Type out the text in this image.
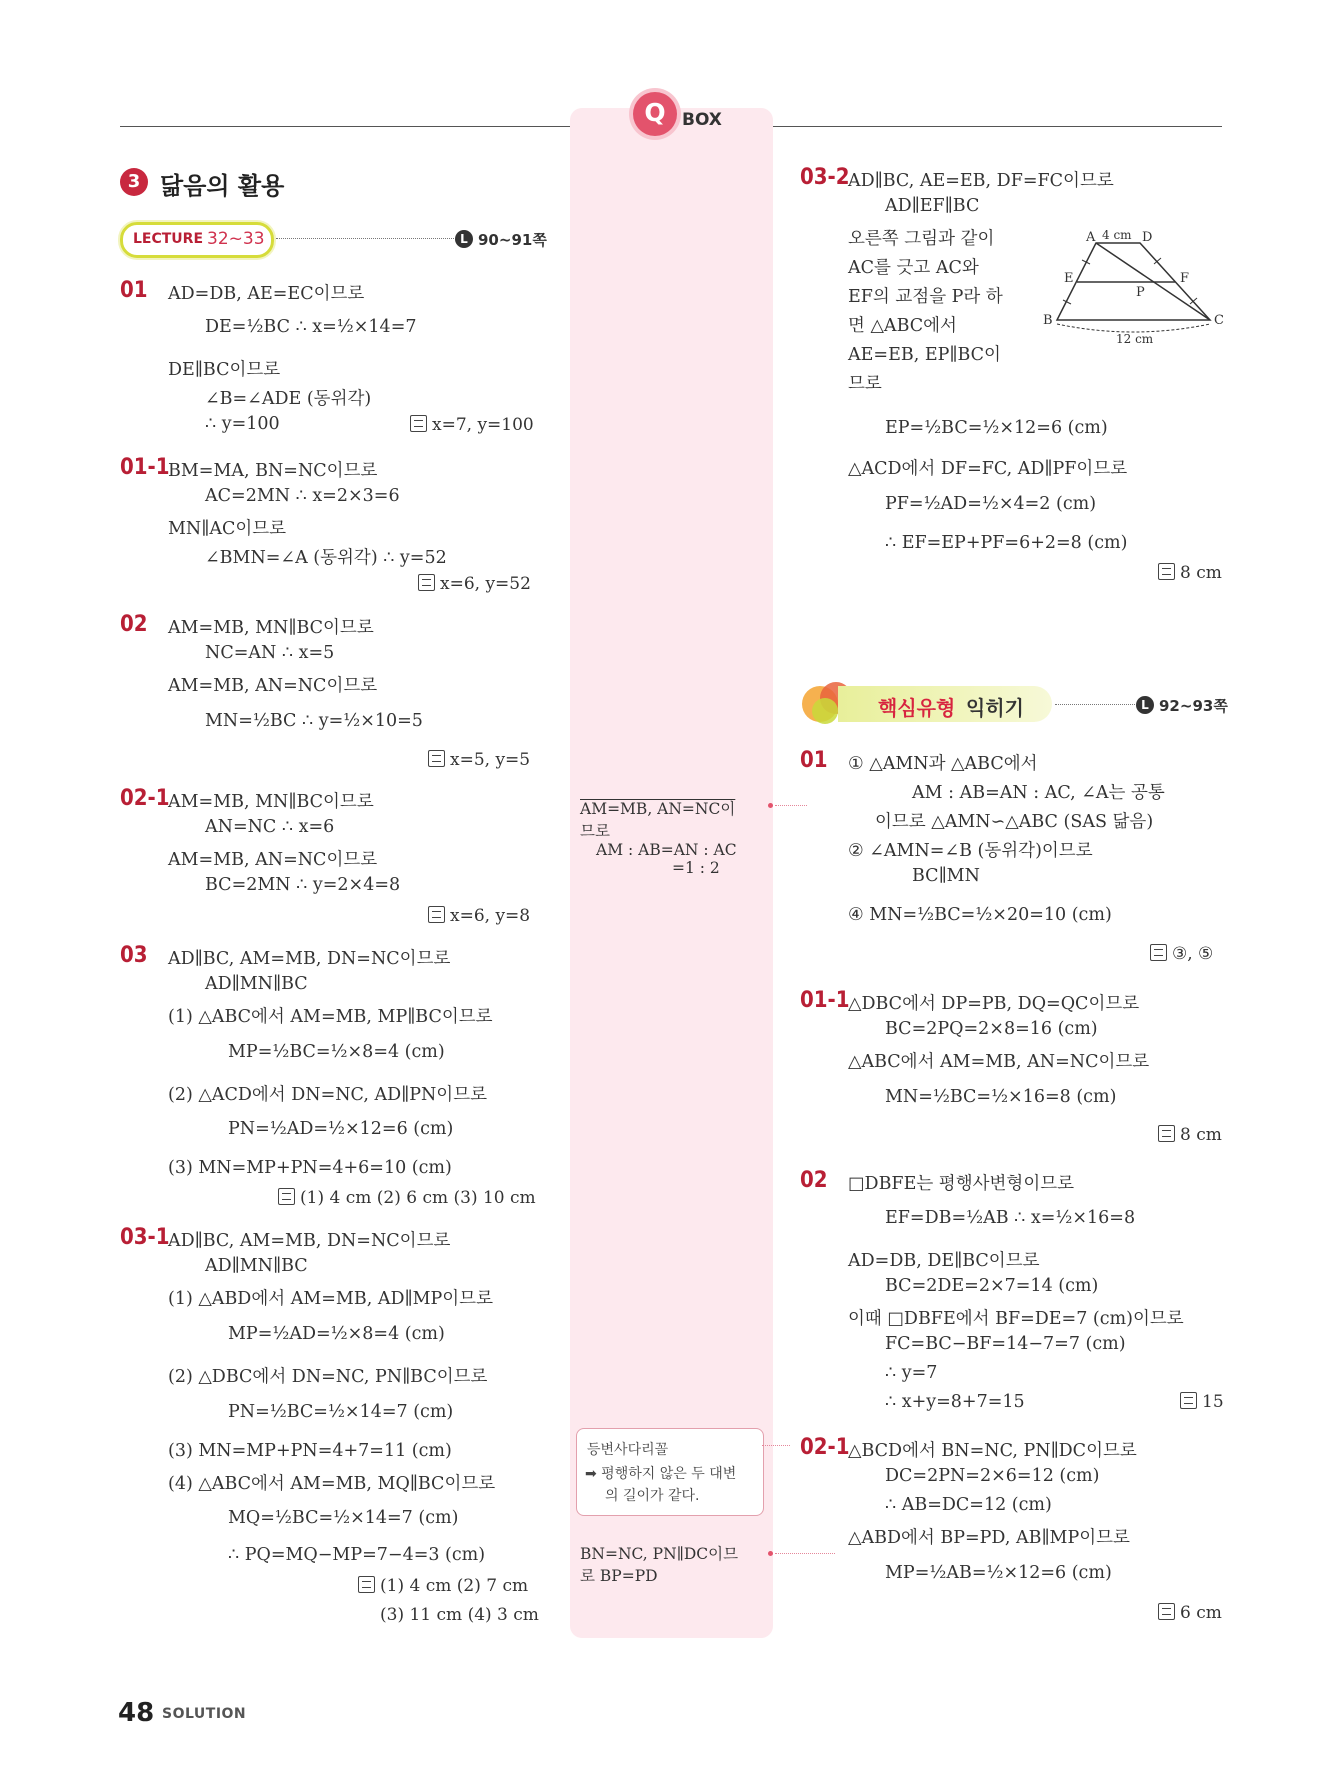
Q BOX
3 닮음의 활용
LECTURE 32~33	L 90~91쪽
01 AD=DB, AE=EC이므로
DE=½BC ∴ x=½×14=7
DE∥BC이므로
∠B=∠ADE (동위각)
∴ y=100	x=7, y=100
01-1
BM=MA, BN=NC이므로
AC=2MN ∴ x=2×3=6
MN∥AC이므로
∠BMN=∠A (동위각) ∴ y=52
x=6, y=52
02 AM=MB, MN∥BC이므로
NC=AN ∴ x=5
AM=MB, AN=NC이므로
MN=½BC ∴ y=½×10=5
x=5, y=5
02-1
AM=MB, MN∥BC이므로
AN=NC ∴ x=6
AM=MB, AN=NC이므로
BC=2MN ∴ y=2×4=8
x=6, y=8
03 AD∥BC, AM=MB, DN=NC이므로
AD∥MN∥BC
(1) △ABC에서 AM=MB, MP∥BC이므로
MP=½BC=½×8=4 (cm)
(2) △ACD에서 DN=NC, AD∥PN이므로
PN=½AD=½×12=6 (cm)
(3) MN=MP+PN=4+6=10 (cm)
(1) 4 cm (2) 6 cm (3) 10 cm
03-1
AD∥BC, AM=MB, DN=NC이므로
AD∥MN∥BC
(1) △ABD에서 AM=MB, AD∥MP이므로
MP=½AD=½×8=4 (cm)
(2) △DBC에서 DN=NC, PN∥BC이므로
PN=½BC=½×14=7 (cm)
(3) MN=MP+PN=4+7=11 (cm)
(4) △ABC에서 AM=MB, MQ∥BC이므로
MQ=½BC=½×14=7 (cm)
∴ PQ=MQ−MP=7−4=3 (cm)
(1) 4 cm (2) 7 cm
(3) 11 cm (4) 3 cm
AM=MB, AN=NC이
므로
AM : AB=AN : AC
=1 : 2
등변사다리꼴
➡ 평행하지 않은 두 대변
의 길이가 같다.
BN=NC, PN∥DC이므
로 BP=PD
03-2
AD∥BC, AE=EB, DF=FC이므로
AD∥EF∥BC
오른쪽 그림과 같이
AC를 긋고 AC와
EF의 교점을 P라 하
면 △ABC에서
AE=EB, EP∥BC이
므로
A	D
4 cm
E	F
P
B	C
12 cm
EP=½BC=½×12=6 (cm)
△ACD에서 DF=FC, AD∥PF이므로
PF=½AD=½×4=2 (cm)
∴ EF=EP+PF=6+2=8 (cm)
8 cm
핵심유형 익히기	L 92~93쪽
01 ① △AMN과 △ABC에서
AM : AB=AN : AC, ∠A는 공통
이므로 △AMN∽△ABC (SAS 닮음)
② ∠AMN=∠B (동위각)이므로
BC∥MN
④ MN=½BC=½×20=10 (cm)
③, ⑤
01-1
△DBC에서 DP=PB, DQ=QC이므로
BC=2PQ=2×8=16 (cm)
△ABC에서 AM=MB, AN=NC이므로
MN=½BC=½×16=8 (cm)
8 cm
02 □DBFE는 평행사변형이므로
EF=DB=½AB ∴ x=½×16=8
AD=DB, DE∥BC이므로
BC=2DE=2×7=14 (cm)
이때 □DBFE에서 BF=DE=7 (cm)이므로
FC=BC−BF=14−7=7 (cm)
∴ y=7
∴ x+y=8+7=15	15
02-1
△BCD에서 BN=NC, PN∥DC이므로
DC=2PN=2×6=12 (cm)
∴ AB=DC=12 (cm)
△ABD에서 BP=PD, AB∥MP이므로
MP=½AB=½×12=6 (cm)
6 cm
48 SOLUTION
